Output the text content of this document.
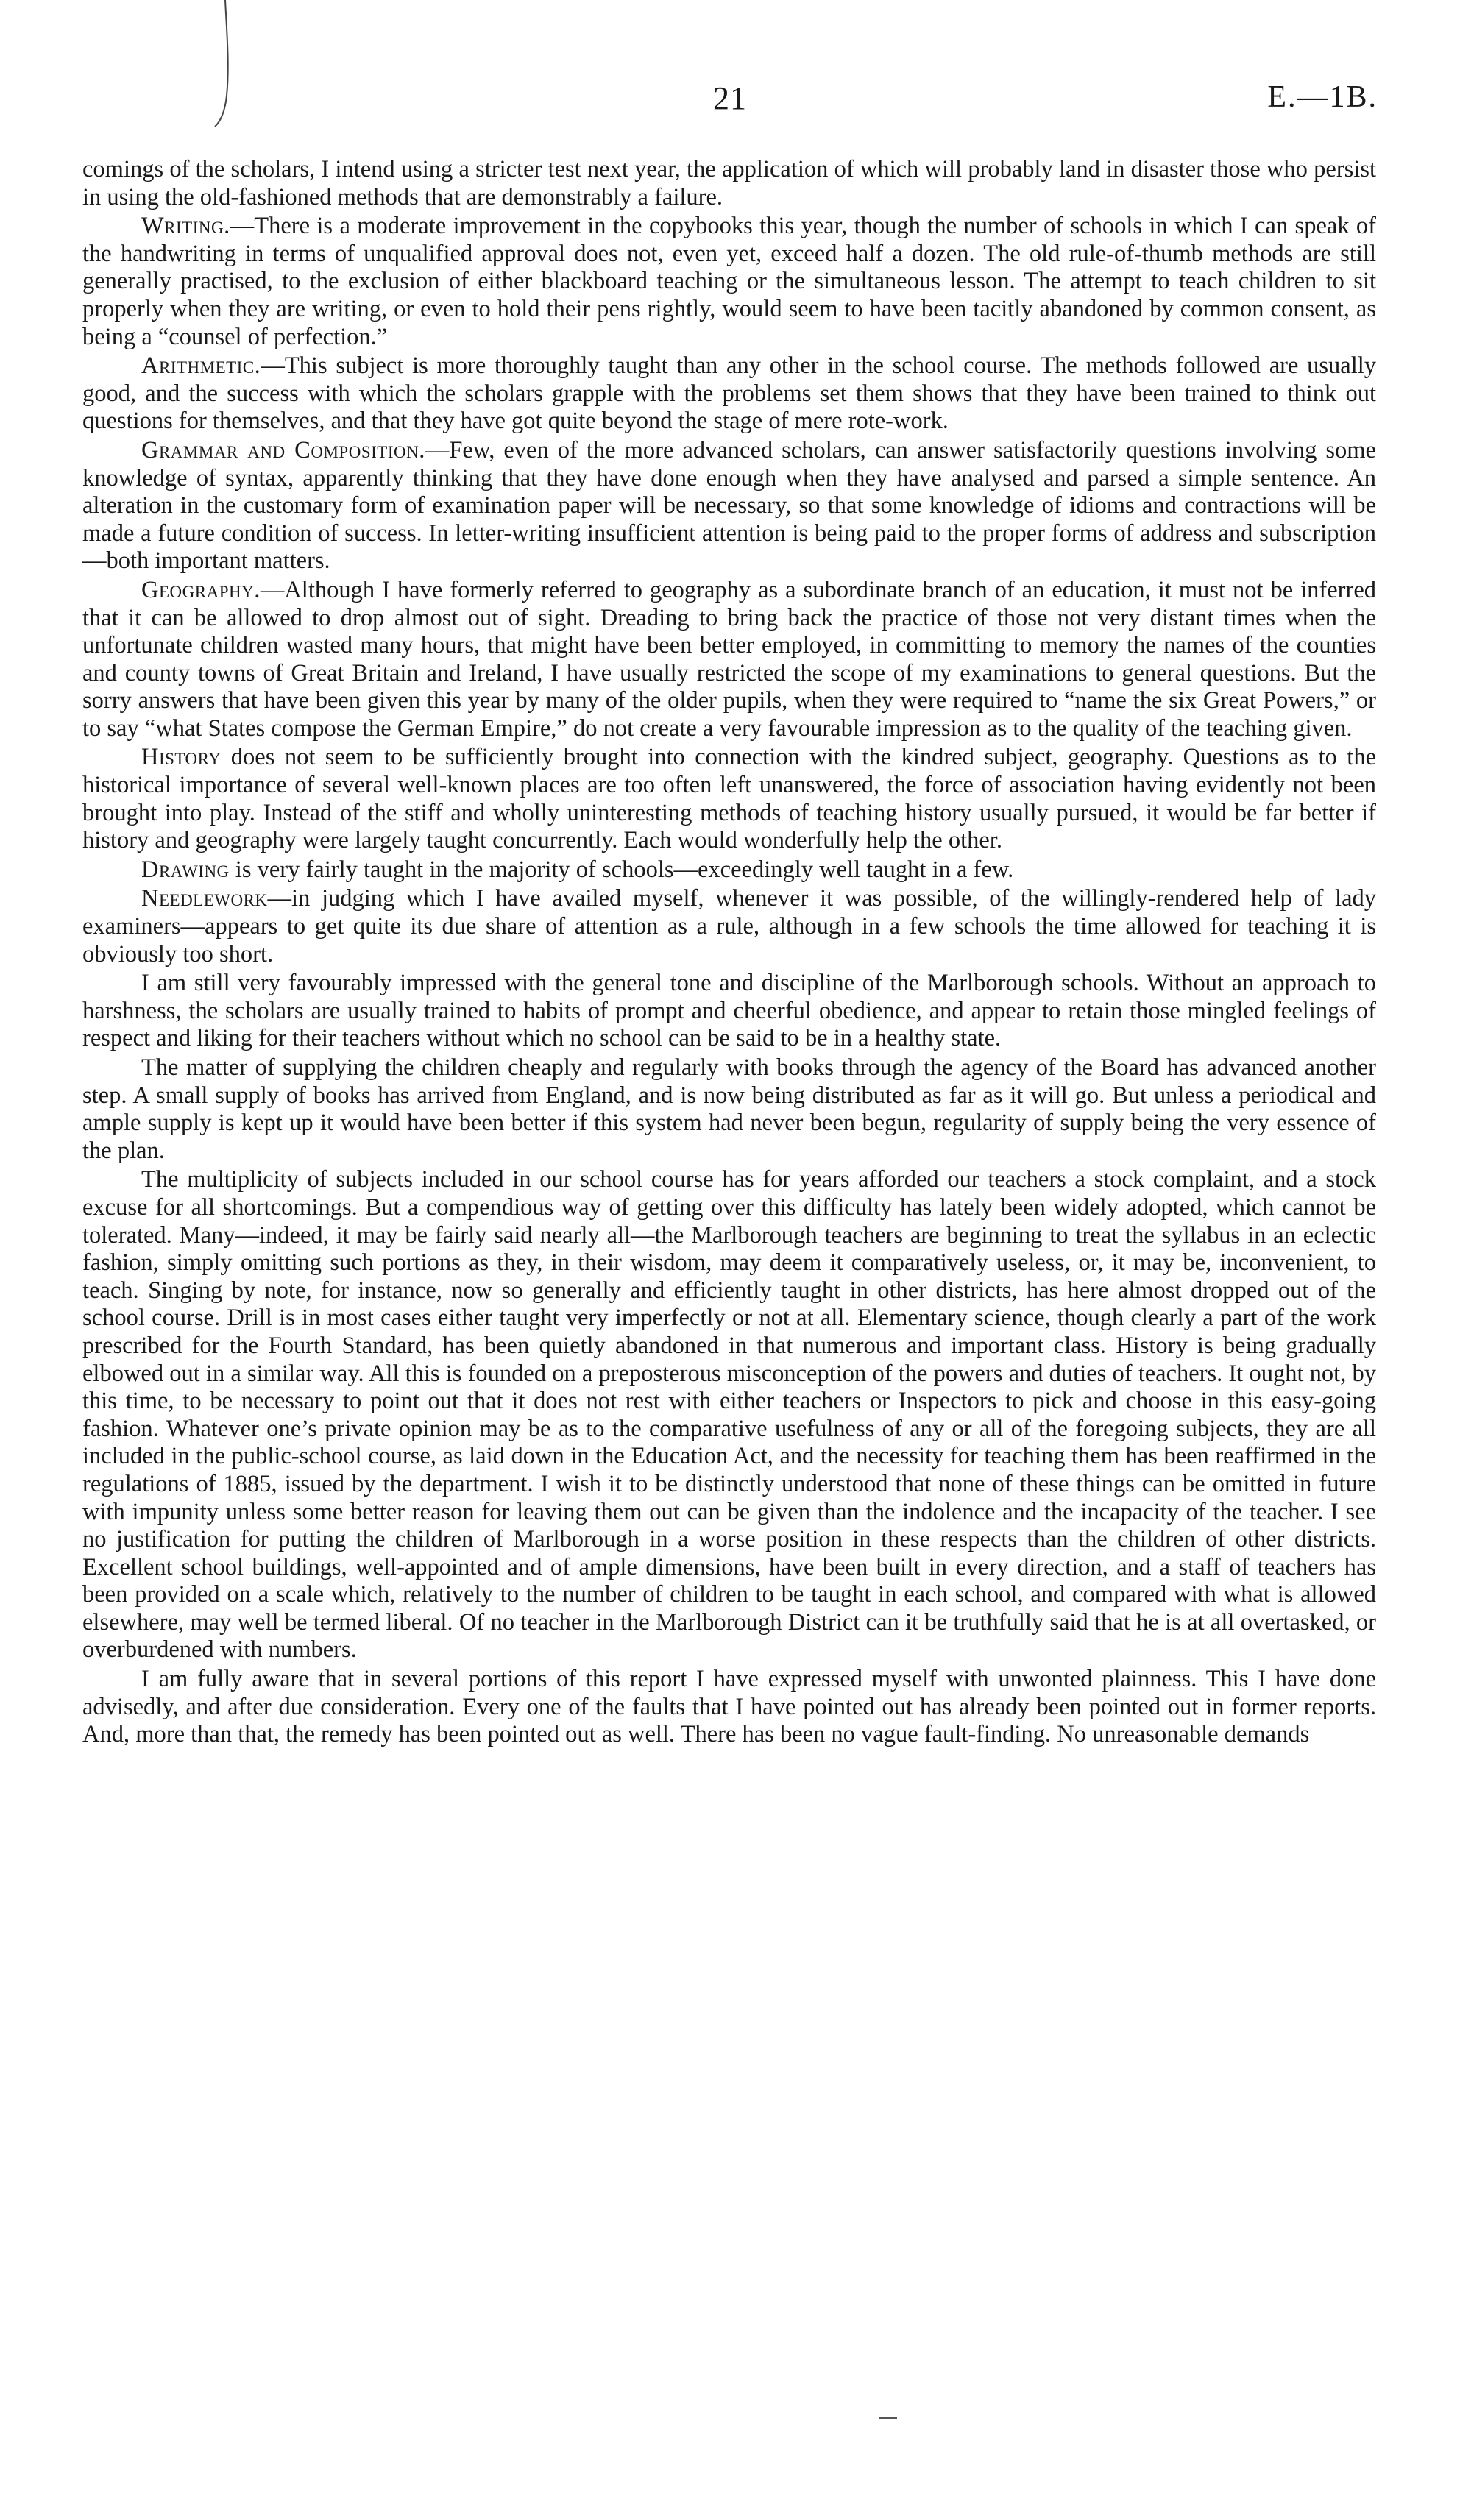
21	E.—1B.

comings of the scholars, I intend using a stricter test next year, the application of which will probably land in disaster those who persist in using the old-fashioned methods that are demonstrably a failure.

Writing.—There is a moderate improvement in the copybooks this year, though the number of schools in which I can speak of the handwriting in terms of unqualified approval does not, even yet, exceed half a dozen. The old rule-of-thumb methods are still generally practised, to the exclusion of either blackboard teaching or the simultaneous lesson. The attempt to teach children to sit properly when they are writing, or even to hold their pens rightly, would seem to have been tacitly abandoned by common consent, as being a “counsel of perfection.”

Arithmetic.—This subject is more thoroughly taught than any other in the school course. The methods followed are usually good, and the success with which the scholars grapple with the problems set them shows that they have been trained to think out questions for themselves, and that they have got quite beyond the stage of mere rote-work.

Grammar and Composition.—Few, even of the more advanced scholars, can answer satisfactorily questions involving some knowledge of syntax, apparently thinking that they have done enough when they have analysed and parsed a simple sentence. An alteration in the customary form of examination paper will be necessary, so that some knowledge of idioms and contractions will be made a future condition of success. In letter-writing insufficient attention is being paid to the proper forms of address and subscription—both important matters.

Geography.—Although I have formerly referred to geography as a subordinate branch of an education, it must not be inferred that it can be allowed to drop almost out of sight. Dreading to bring back the practice of those not very distant times when the unfortunate children wasted many hours, that might have been better employed, in committing to memory the names of the counties and county towns of Great Britain and Ireland, I have usually restricted the scope of my examinations to general questions. But the sorry answers that have been given this year by many of the older pupils, when they were required to “name the six Great Powers,” or to say “what States compose the German Empire,” do not create a very favourable impression as to the quality of the teaching given.

History does not seem to be sufficiently brought into connection with the kindred subject, geography. Questions as to the historical importance of several well-known places are too often left unanswered, the force of association having evidently not been brought into play. Instead of the stiff and wholly uninteresting methods of teaching history usually pursued, it would be far better if history and geography were largely taught concurrently. Each would wonderfully help the other.

Drawing is very fairly taught in the majority of schools—exceedingly well taught in a few.

Needlework—in judging which I have availed myself, whenever it was possible, of the willingly-rendered help of lady examiners—appears to get quite its due share of attention as a rule, although in a few schools the time allowed for teaching it is obviously too short.

I am still very favourably impressed with the general tone and discipline of the Marlborough schools. Without an approach to harshness, the scholars are usually trained to habits of prompt and cheerful obedience, and appear to retain those mingled feelings of respect and liking for their teachers without which no school can be said to be in a healthy state.

The matter of supplying the children cheaply and regularly with books through the agency of the Board has advanced another step. A small supply of books has arrived from England, and is now being distributed as far as it will go. But unless a periodical and ample supply is kept up it would have been better if this system had never been begun, regularity of supply being the very essence of the plan.

The multiplicity of subjects included in our school course has for years afforded our teachers a stock complaint, and a stock excuse for all shortcomings. But a compendious way of getting over this difficulty has lately been widely adopted, which cannot be tolerated. Many—indeed, it may be fairly said nearly all—the Marlborough teachers are beginning to treat the syllabus in an eclectic fashion, simply omitting such portions as they, in their wisdom, may deem it comparatively useless, or, it may be, inconvenient, to teach. Singing by note, for instance, now so generally and efficiently taught in other districts, has here almost dropped out of the school course. Drill is in most cases either taught very imperfectly or not at all. Elementary science, though clearly a part of the work prescribed for the Fourth Standard, has been quietly abandoned in that numerous and important class. History is being gradually elbowed out in a similar way. All this is founded on a preposterous misconception of the powers and duties of teachers. It ought not, by this time, to be necessary to point out that it does not rest with either teachers or Inspectors to pick and choose in this easy-going fashion. Whatever one’s private opinion may be as to the comparative usefulness of any or all of the foregoing subjects, they are all included in the public-school course, as laid down in the Education Act, and the necessity for teaching them has been reaffirmed in the regulations of 1885, issued by the department. I wish it to be distinctly understood that none of these things can be omitted in future with impunity unless some better reason for leaving them out can be given than the indolence and the incapacity of the teacher. I see no justification for putting the children of Marlborough in a worse position in these respects than the children of other districts. Excellent school buildings, well-appointed and of ample dimensions, have been built in every direction, and a staff of teachers has been provided on a scale which, relatively to the number of children to be taught in each school, and compared with what is allowed elsewhere, may well be termed liberal. Of no teacher in the Marlborough District can it be truthfully said that he is at all overtasked, or overburdened with numbers.

I am fully aware that in several portions of this report I have expressed myself with unwonted plainness. This I have done advisedly, and after due consideration. Every one of the faults that I have pointed out has already been pointed out in former reports. And, more than that, the remedy has been pointed out as well. There has been no vague fault-finding. No unreasonable demands
